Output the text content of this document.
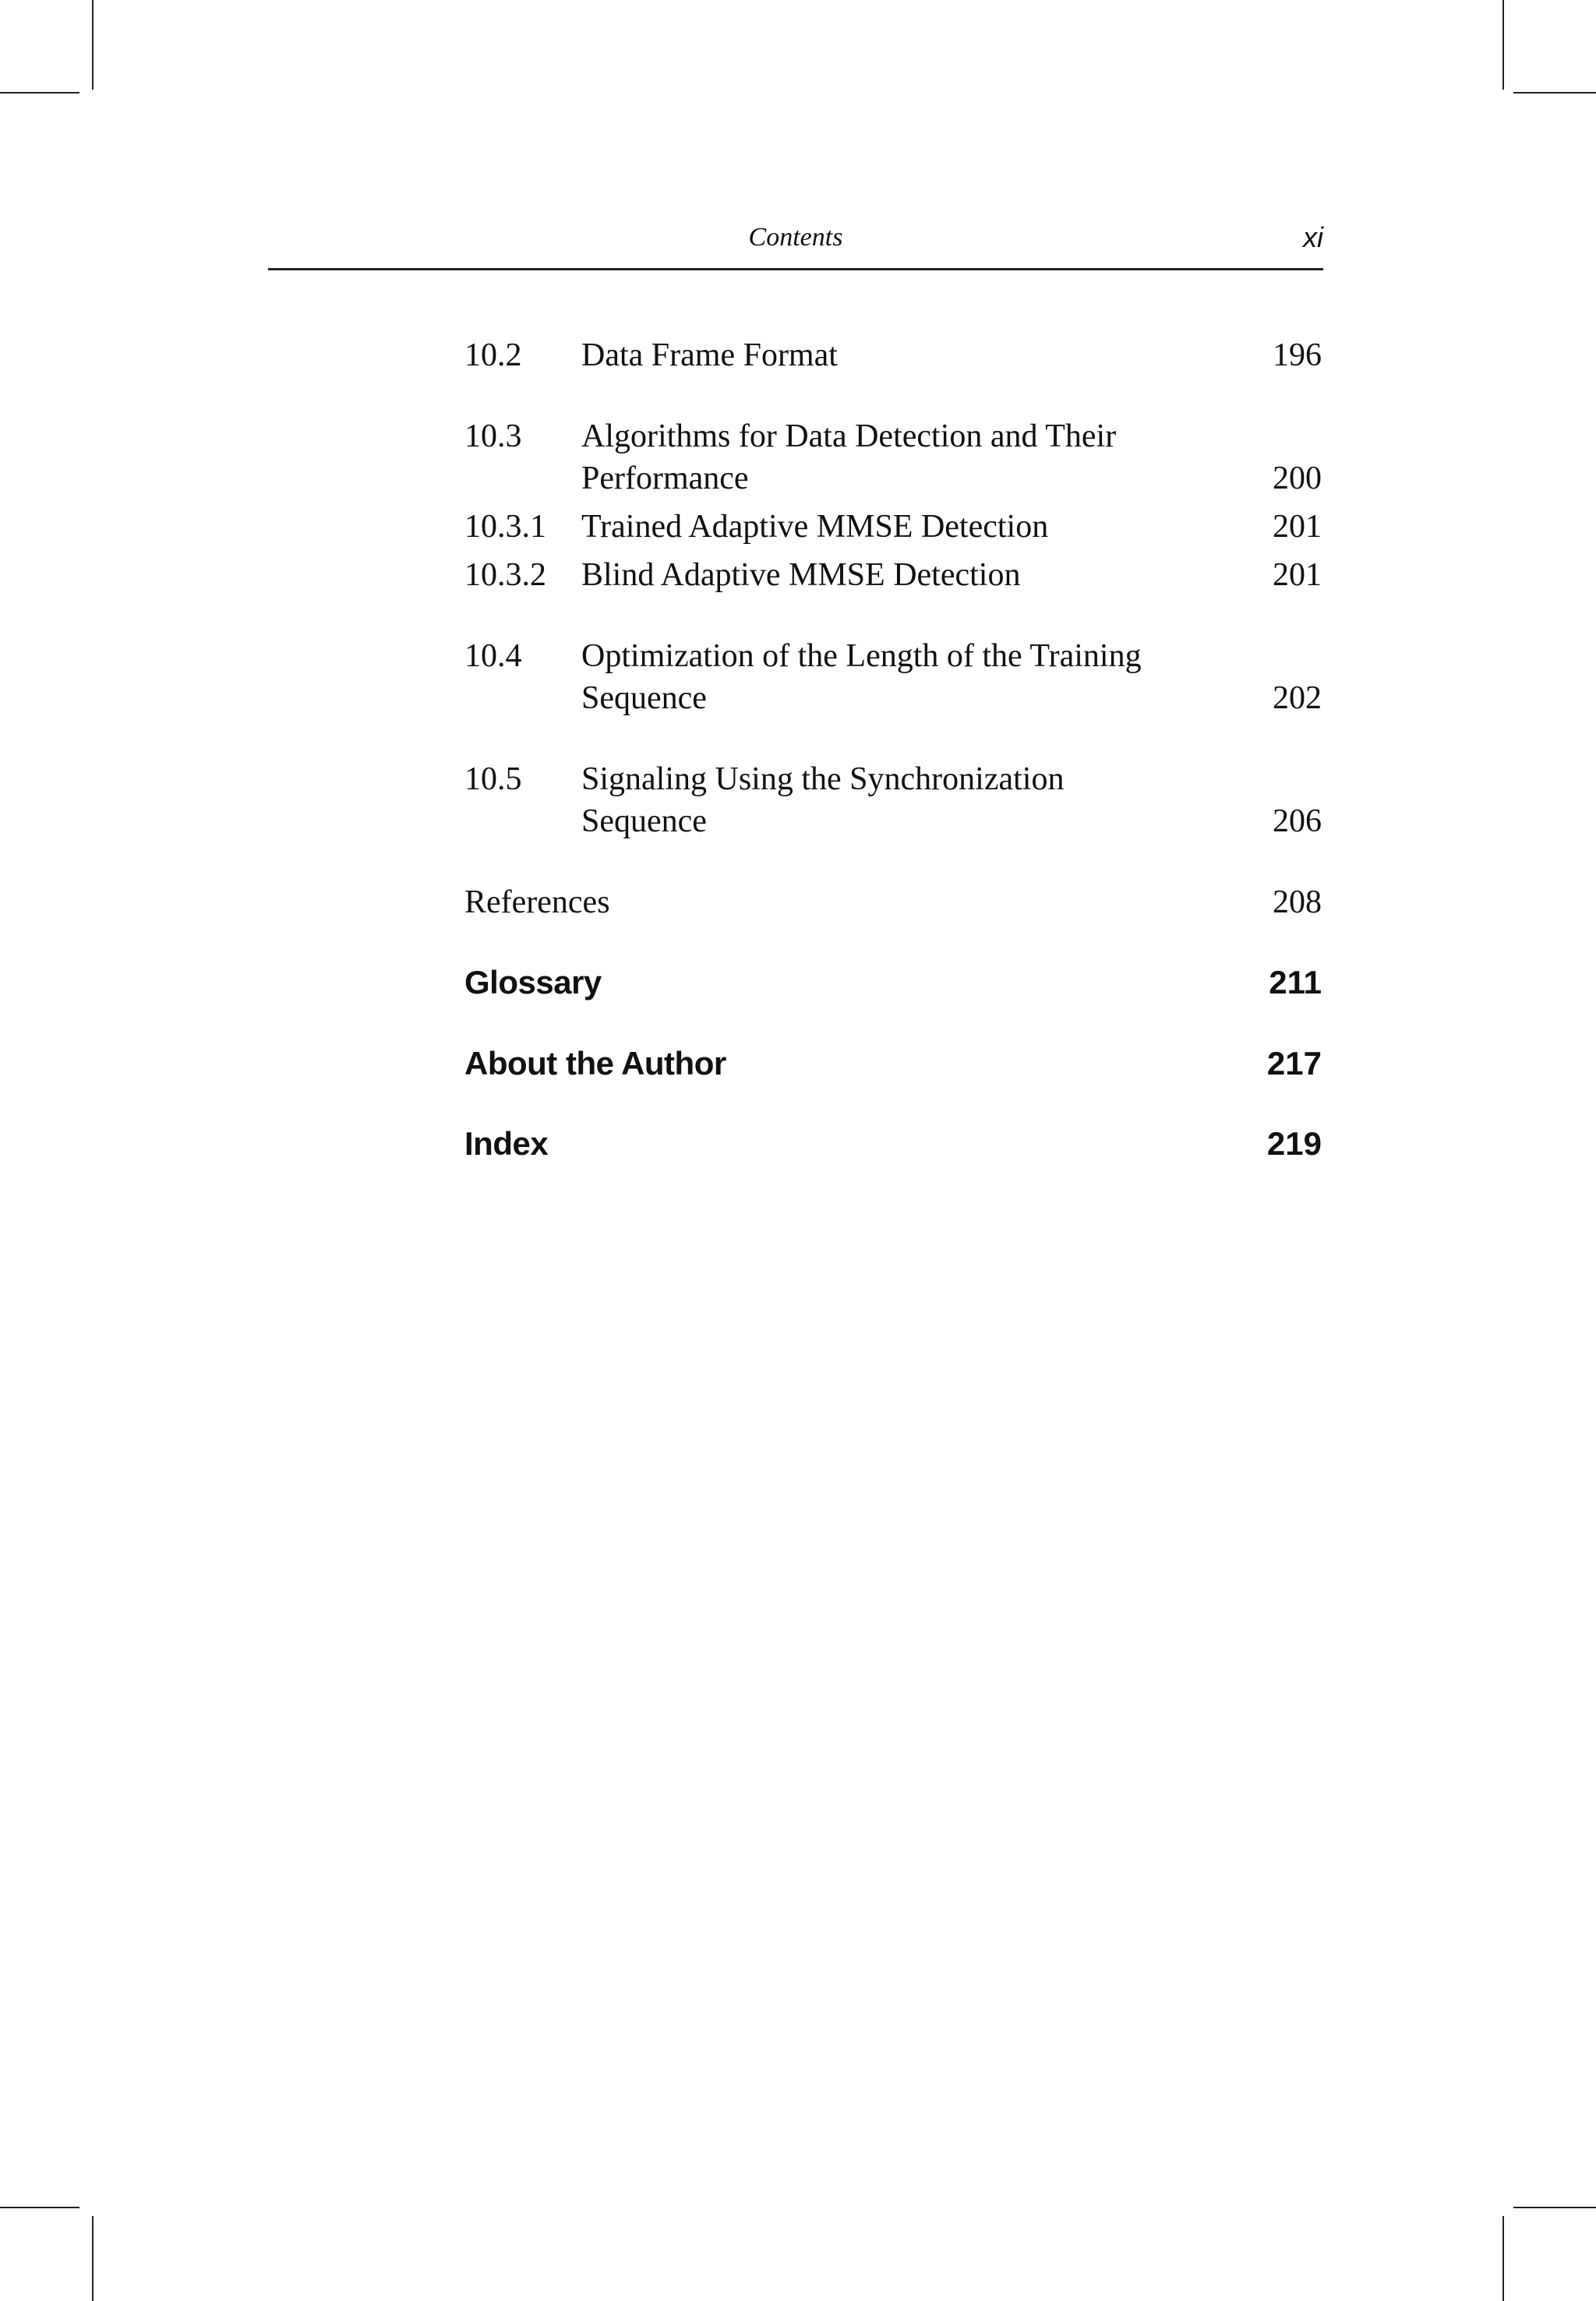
Contents	xi
10.2 Data Frame Format	196
10.3 Algorithms for Data Detection and Their
Performance	200
10.3.1 Trained Adaptive MMSE Detection	201
10.3.2 Blind Adaptive MMSE Detection	201
10.4 Optimization of the Length of the Training
Sequence	202
10.5 Signaling Using the Synchronization
Sequence	206
References	208
Glossary	211
About the Author	217
Index	219
